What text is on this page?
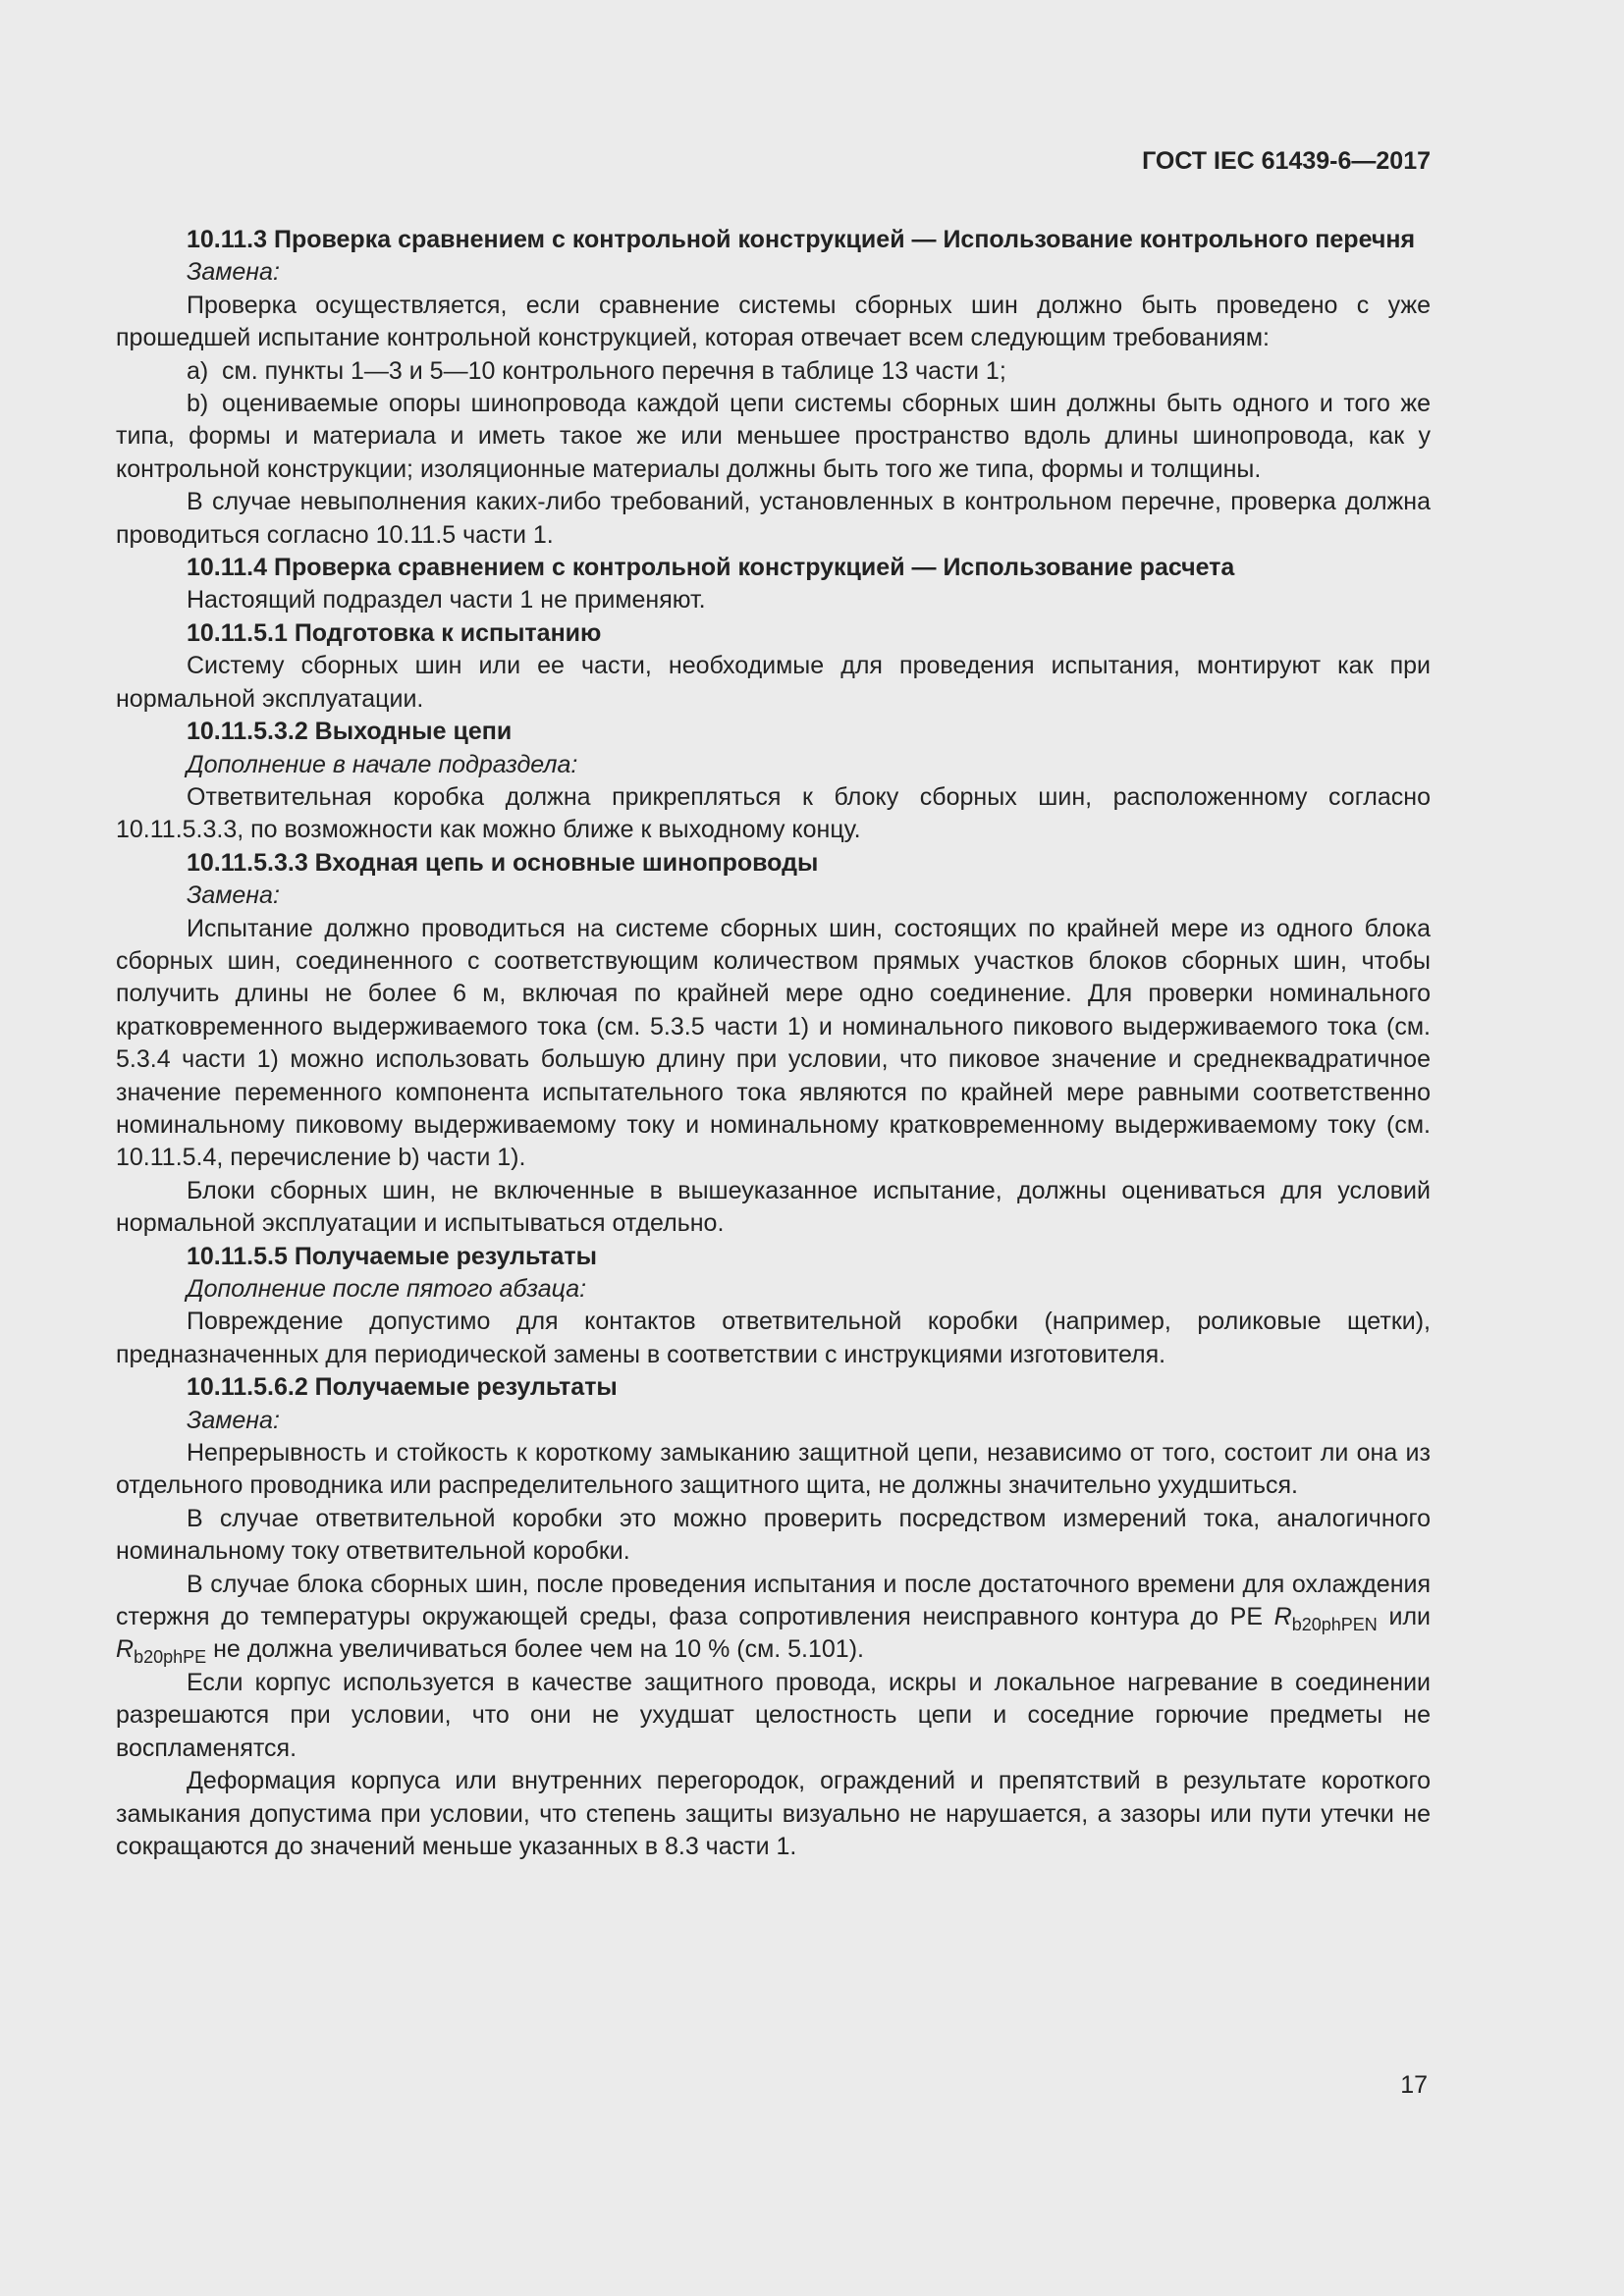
ГОСТ IEC 61439-6—2017

10.11.3 Проверка сравнением с контрольной конструкцией — Использование контрольного перечня

Замена:

Проверка осуществляется, если сравнение системы сборных шин должно быть проведено с уже прошедшей испытание контрольной конструкцией, которая отвечает всем следующим требованиям:

a) см. пункты 1—3 и 5—10 контрольного перечня в таблице 13 части 1;

b) оцениваемые опоры шинопровода каждой цепи системы сборных шин должны быть одного и того же типа, формы и материала и иметь такое же или меньшее пространство вдоль длины шинопровода, как у контрольной конструкции; изоляционные материалы должны быть того же типа, формы и толщины.

В случае невыполнения каких-либо требований, установленных в контрольном перечне, проверка должна проводиться согласно 10.11.5 части 1.

10.11.4 Проверка сравнением с контрольной конструкцией — Использование расчета

Настоящий подраздел части 1 не применяют.

10.11.5.1 Подготовка к испытанию

Систему сборных шин или ее части, необходимые для проведения испытания, монтируют как при нормальной эксплуатации.

10.11.5.3.2 Выходные цепи

Дополнение в начале подраздела:

Ответвительная коробка должна прикрепляться к блоку сборных шин, расположенному согласно 10.11.5.3.3, по возможности как можно ближе к выходному концу.

10.11.5.3.3 Входная цепь и основные шинопроводы

Замена:

Испытание должно проводиться на системе сборных шин, состоящих по крайней мере из одного блока сборных шин, соединенного с соответствующим количеством прямых участков блоков сборных шин, чтобы получить длины не более 6 м, включая по крайней мере одно соединение. Для проверки номинального кратковременного выдерживаемого тока (см. 5.3.5 части 1) и номинального пикового выдерживаемого тока (см. 5.3.4 части 1) можно использовать большую длину при условии, что пиковое значение и среднеквадратичное значение переменного компонента испытательного тока являются по крайней мере равными соответственно номинальному пиковому выдерживаемому току и номинальному кратковременному выдерживаемому току (см. 10.11.5.4, перечисление b) части 1).

Блоки сборных шин, не включенные в вышеуказанное испытание, должны оцениваться для условий нормальной эксплуатации и испытываться отдельно.

10.11.5.5 Получаемые результаты

Дополнение после пятого абзаца:

Повреждение допустимо для контактов ответвительной коробки (например, роликовые щетки), предназначенных для периодической замены в соответствии с инструкциями изготовителя.

10.11.5.6.2 Получаемые результаты

Замена:

Непрерывность и стойкость к короткому замыканию защитной цепи, независимо от того, состоит ли она из отдельного проводника или распределительного защитного щита, не должны значительно ухудшиться.

В случае ответвительной коробки это можно проверить посредством измерений тока, аналогичного номинальному току ответвительной коробки.

В случае блока сборных шин, после проведения испытания и после достаточного времени для охлаждения стержня до температуры окружающей среды, фаза сопротивления неисправного контура до PE $R_{b20phPEN}$ или $R_{b20phPE}$ не должна увеличиваться более чем на 10 % (см. 5.101).

Если корпус используется в качестве защитного провода, искры и локальное нагревание в соединении разрешаются при условии, что они не ухудшат целостность цепи и соседние горючие предметы не воспламенятся.

Деформация корпуса или внутренних перегородок, ограждений и препятствий в результате короткого замыкания допустима при условии, что степень защиты визуально не нарушается, а зазоры или пути утечки не сокращаются до значений меньше указанных в 8.3 части 1.

17
